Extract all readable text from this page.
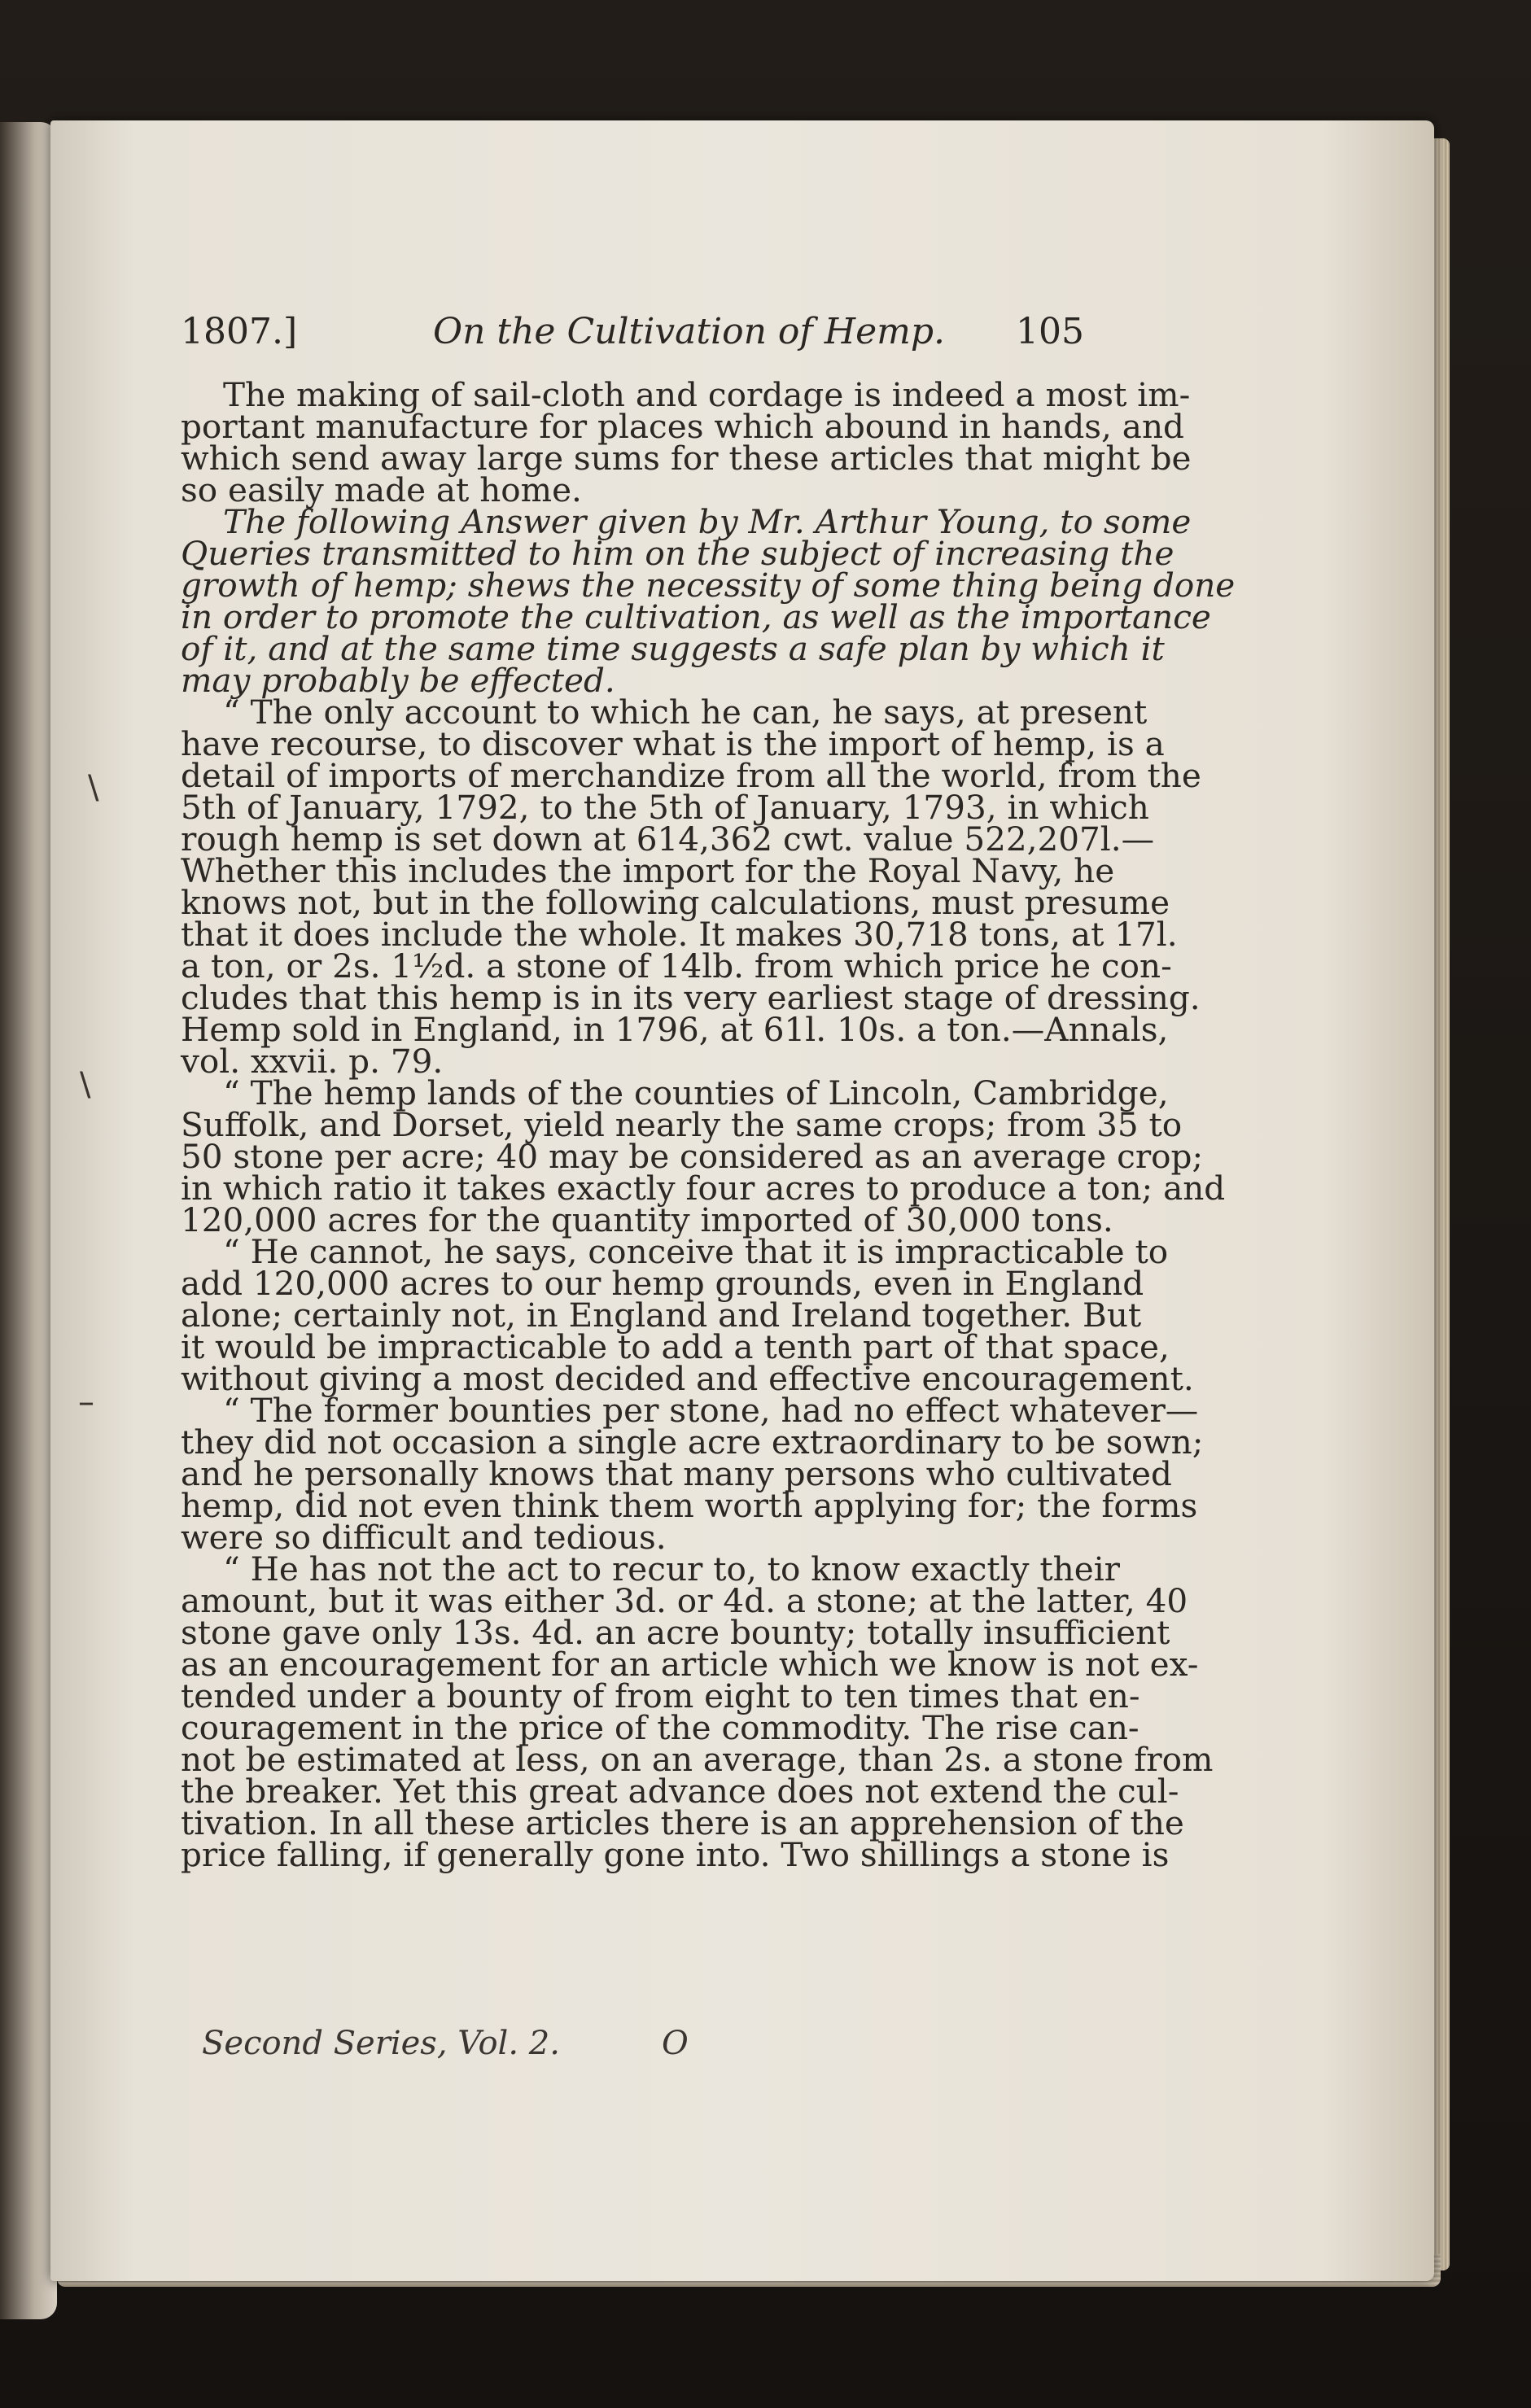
1807.]	On the Cultivation of Hemp. 105
The making of sail-cloth and cordage is indeed a most im-
portant manufacture for places which abound in hands, and
which send away large sums for these articles that might be
so easily made at home.
The following Answer given by Mr. Arthur Young, to some
Queries transmitted to him on the subject of increasing the
growth of hemp; shews the necessity of some thing being done
in order to promote the cultivation, as well as the importance
of it, and at the same time suggests a safe plan by which it
may probably be effected.
“ The only account to which he can, he says, at present
have recourse, to discover what is the import of hemp, is a
detail of imports of merchandize from all the world, from the
5th of January, 1792, to the 5th of January, 1793, in which
rough hemp is set down at 614,362 cwt. value 522,207l.—
Whether this includes the import for the Royal Navy, he
knows not, but in the following calculations, must presume
that it does include the whole. It makes 30,718 tons, at 17l.
a ton, or 2s. 1½d. a stone of 14lb. from which price he con-
cludes that this hemp is in its very earliest stage of dressing.
Hemp sold in England, in 1796, at 61l. 10s. a ton.—Annals,
vol. xxvii. p. 79.
“ The hemp lands of the counties of Lincoln, Cambridge,
Suffolk, and Dorset, yield nearly the same crops; from 35 to
50 stone per acre; 40 may be considered as an average crop;
in which ratio it takes exactly four acres to produce a ton; and
120,000 acres for the quantity imported of 30,000 tons.
“ He cannot, he says, conceive that it is impracticable to
add 120,000 acres to our hemp grounds, even in England
alone; certainly not, in England and Ireland together. But
it would be impracticable to add a tenth part of that space,
without giving a most decided and effective encouragement.
“ The former bounties per stone, had no effect whatever—
they did not occasion a single acre extraordinary to be sown;
and he personally knows that many persons who cultivated
hemp, did not even think them worth applying for; the forms
were so difficult and tedious.
“ He has not the act to recur to, to know exactly their
amount, but it was either 3d. or 4d. a stone; at the latter, 40
stone gave only 13s. 4d. an acre bounty; totally insufficient
as an encouragement for an article which we know is not ex-
tended under a bounty of from eight to ten times that en-
couragement in the price of the commodity. The rise can-
not be estimated at less, on an average, than 2s. a stone from
the breaker. Yet this great advance does not extend the cul-
tivation. In all these articles there is an apprehension of the
price falling, if generally gone into. Two shillings a stone is
Second Series, Vol. 2.	O
\
\
–
